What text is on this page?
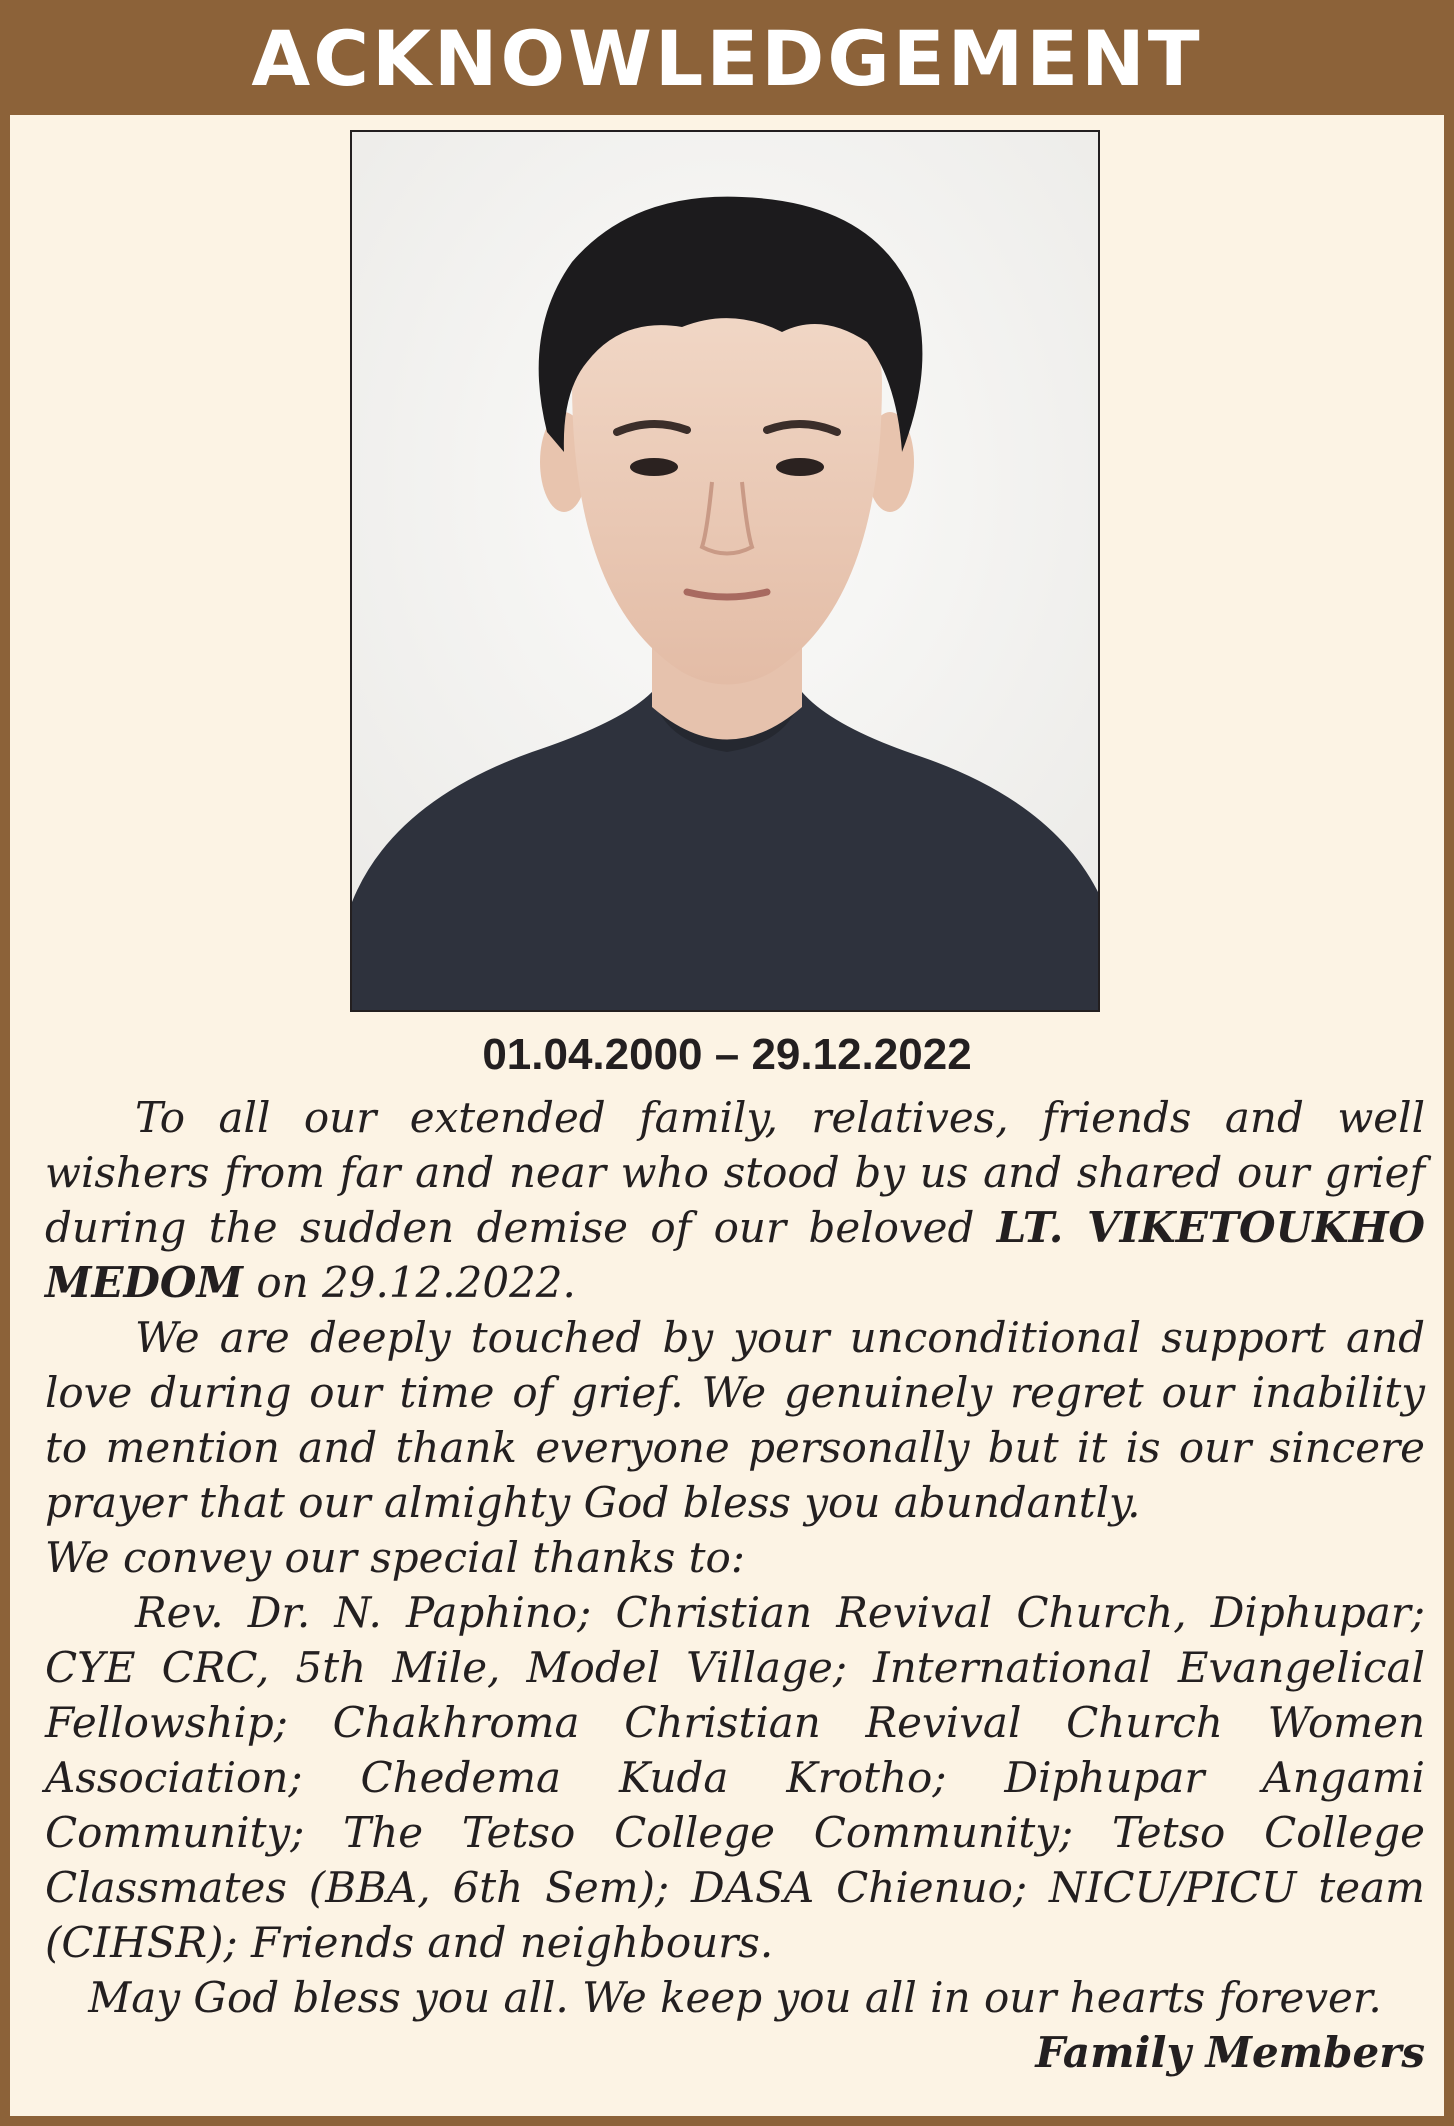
ACKNOWLEDGEMENT
01.04.2000 – 29.12.2022

To all our extended family, relatives, friends and well wishers from far and near who stood by us and shared our grief during the sudden demise of our beloved LT. VIKETOUKHO MEDOM on 29.12.2022.

We are deeply touched by your unconditional support and love during our time of grief. We genuinely regret our inability to mention and thank everyone personally but it is our sincere prayer that our almighty God bless you abundantly.

We convey our special thanks to:

Rev. Dr. N. Paphino; Christian Revival Church, Diphupar; CYE CRC, 5th Mile, Model Village; International Evangelical Fellowship; Chakhroma Christian Revival Church Women Association; Chedema Kuda Krotho; Diphupar Angami Community; The Tetso College Community; Tetso College Classmates (BBA, 6th Sem); DASA Chienuo; NICU/PICU team (CIHSR); Friends and neighbours.

May God bless you all. We keep you all in our hearts forever.

Family Members
